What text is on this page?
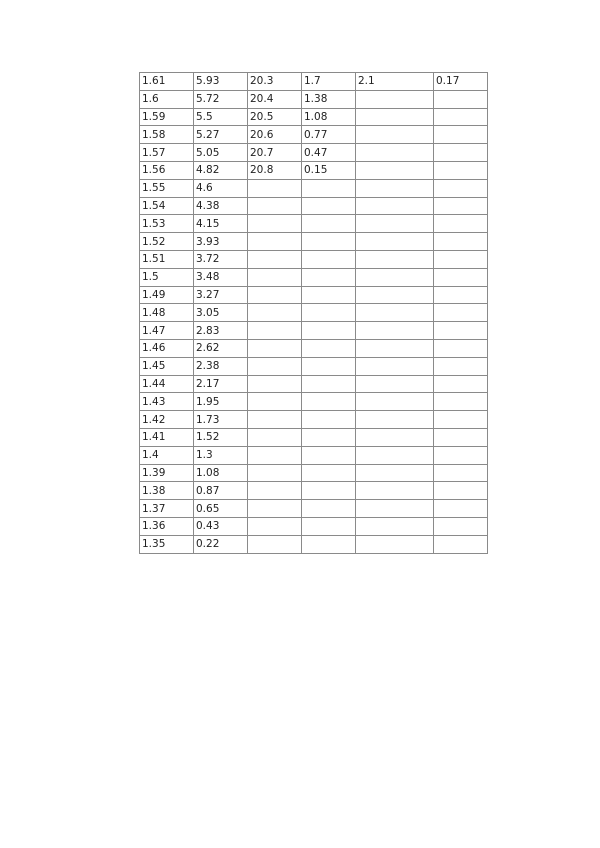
1.61	5.93	20.3	1.7	2.1	0.17
1.6	5.72	20.4	1.38		
1.59	5.5	20.5	1.08		
1.58	5.27	20.6	0.77		
1.57	5.05	20.7	0.47		
1.56	4.82	20.8	0.15		
1.55	4.6				
1.54	4.38				
1.53	4.15				
1.52	3.93				
1.51	3.72				
1.5	3.48				
1.49	3.27				
1.48	3.05				
1.47	2.83				
1.46	2.62				
1.45	2.38				
1.44	2.17				
1.43	1.95				
1.42	1.73				
1.41	1.52				
1.4	1.3				
1.39	1.08				
1.38	0.87				
1.37	0.65				
1.36	0.43				
1.35	0.22				
